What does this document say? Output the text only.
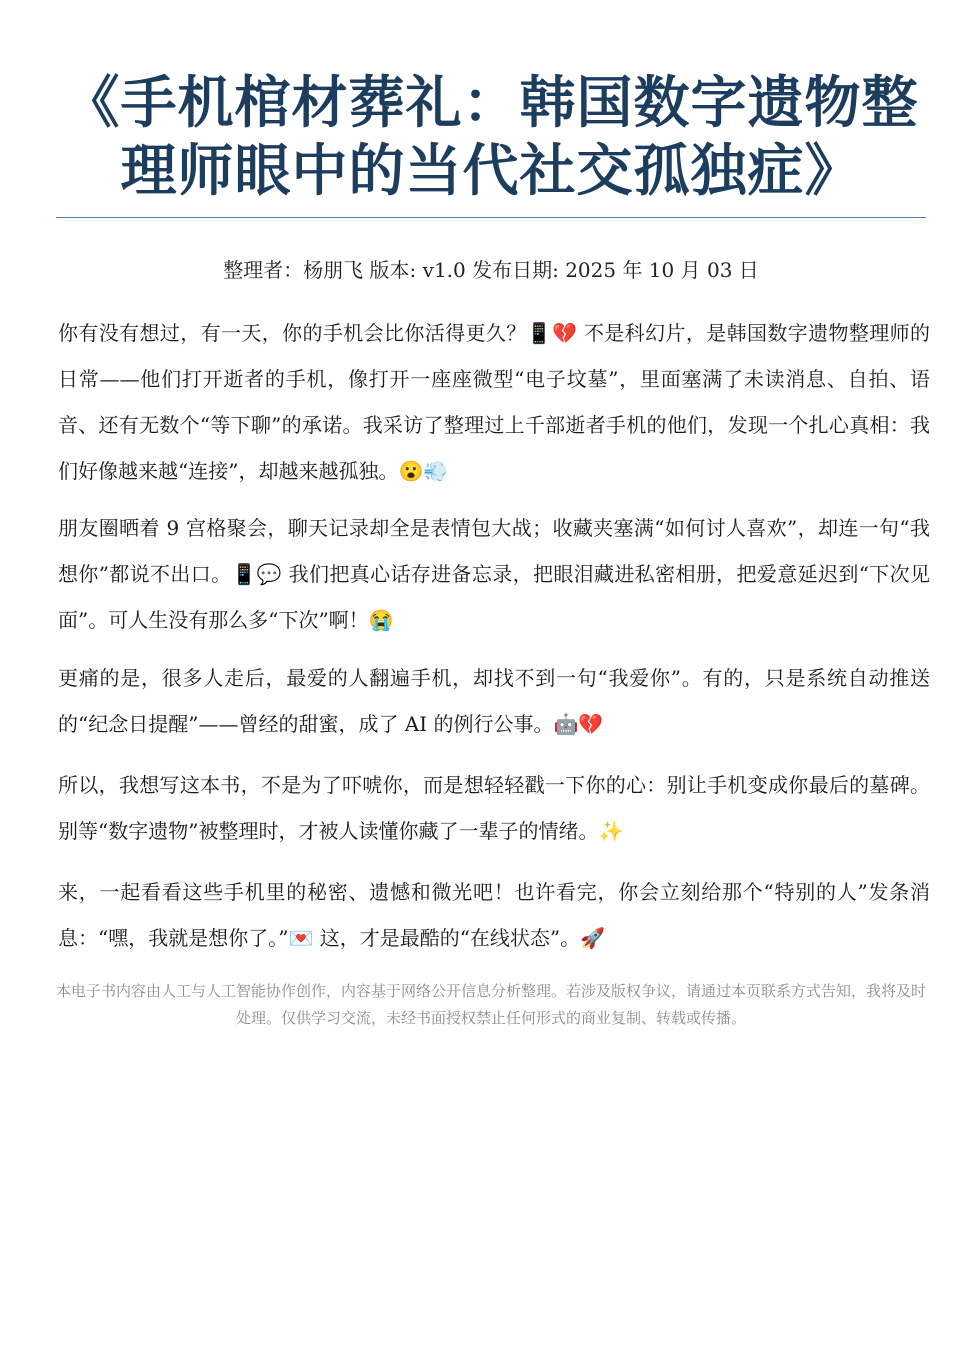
《手机棺材葬礼：韩国数字遗物整理师眼中的当代社交孤独症》
整理者：杨朋飞 版本: v1.0 发布日期: 2025 年 10 月 03 日

你有没有想过，有一天，你的手机会比你活得更久？📱💔 不是科幻片，是韩国数字遗物整理师的日常——他们打开逝者的手机，像打开一座座微型“电子坟墓”，里面塞满了未读消息、自拍、语音、还有无数个“等下聊”的承诺。我采访了整理过上千部逝者手机的他们，发现一个扎心真相：我们好像越来越“连接”，却越来越孤独。😮💨

朋友圈晒着 9 宫格聚会，聊天记录却全是表情包大战；收藏夹塞满“如何讨人喜欢”，却连一句“我想你”都说不出口。📱💬 我们把真心话存进备忘录，把眼泪藏进私密相册，把爱意延迟到“下次见面”。可人生没有那么多“下次”啊！😭

更痛的是，很多人走后，最爱的人翻遍手机，却找不到一句“我爱你”。有的，只是系统自动推送的“纪念日提醒”——曾经的甜蜜，成了 AI 的例行公事。🤖💔

所以，我想写这本书，不是为了吓唬你，而是想轻轻戳一下你的心：别让手机变成你最后的墓碑。别等“数字遗物”被整理时，才被人读懂你藏了一辈子的情绪。✨

来，一起看看这些手机里的秘密、遗憾和微光吧！也许看完，你会立刻给那个“特别的人”发条消息：“嘿，我就是想你了。”💌 这，才是最酷的“在线状态”。🚀

本电子书内容由人工与人工智能协作创作，内容基于网络公开信息分析整理。若涉及版权争议，请通过本页联系方式告知，我将及时处理。仅供学习交流，未经书面授权禁止任何形式的商业复制、转载或传播。
